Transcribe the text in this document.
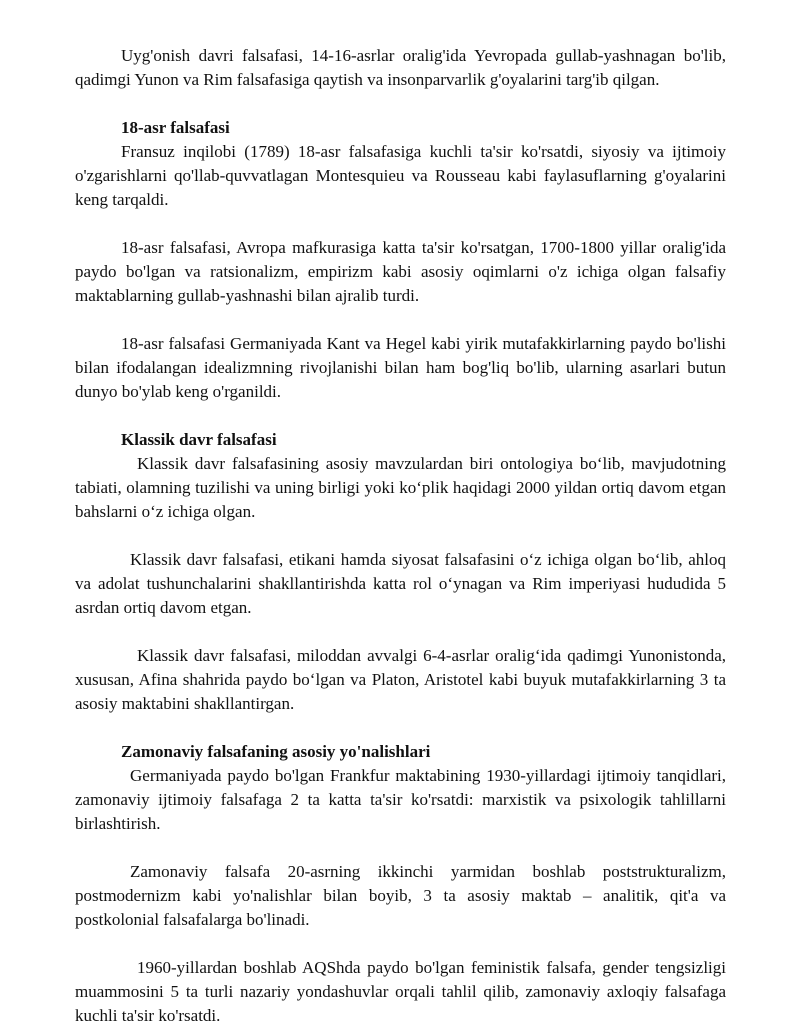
Uyg'onish davri falsafasi, 14-16-asrlar oralig'ida Yevropada gullab-yashnagan bo'lib, qadimgi Yunon va Rim falsafasiga qaytish va insonparvarlik g'oyalarini targ'ib qilgan.

18-asr falsafasi

Fransuz inqilobi (1789) 18-asr falsafasiga kuchli ta'sir ko'rsatdi, siyosiy va ijtimoiy o'zgarishlarni qo'llab-quvvatlagan Montesquieu va Rousseau kabi faylasuflarning g'oyalarini keng tarqaldi.

18-asr falsafasi, Avropa mafkurasiga katta ta'sir ko'rsatgan, 1700-1800 yillar oralig'ida paydo bo'lgan va ratsionalizm, empirizm kabi asosiy oqimlarni o'z ichiga olgan falsafiy maktablarning gullab-yashnashi bilan ajralib turdi.

18-asr falsafasi Germaniyada Kant va Hegel kabi yirik mutafakkirlarning paydo bo'lishi bilan ifodalangan idealizmning rivojlanishi bilan ham bog'liq bo'lib, ularning asarlari butun dunyo bo'ylab keng o'rganildi.

Klassik davr falsafasi

Klassik davr falsafasining asosiy mavzulardan biri ontologiya bo‘lib, mavjudotning tabiati, olamning tuzilishi va uning birligi yoki ko‘plik haqidagi 2000 yildan ortiq davom etgan bahslarni o‘z ichiga olgan.

Klassik davr falsafasi, etikani hamda siyosat falsafasini o‘z ichiga olgan bo‘lib, ahloq va adolat tushunchalarini shakllantirishda katta rol o‘ynagan va Rim imperiyasi hududida 5 asrdan ortiq davom etgan.

Klassik davr falsafasi, miloddan avvalgi 6-4-asrlar oralig‘ida qadimgi Yunonistonda, xususan, Afina shahrida paydo bo‘lgan va Platon, Aristotel kabi buyuk mutafakkirlarning 3 ta asosiy maktabini shakllantirgan.

Zamonaviy falsafaning asosiy yo'nalishlari

Germaniyada paydo bo'lgan Frankfur maktabining 1930-yillardagi ijtimoiy tanqidlari, zamonaviy ijtimoiy falsafaga 2 ta katta ta'sir ko'rsatdi: marxistik va psixologik tahlillarni birlashtirish.

Zamonaviy falsafa 20-asrning ikkinchi yarmidan boshlab poststrukturalizm, postmodernizm kabi yo'nalishlar bilan boyib, 3 ta asosiy maktab – analitik, qit'a va postkolonial falsafalarga bo'linadi.

1960-yillardan boshlab AQShda paydo bo'lgan feministik falsafa, gender tengsizligi muammosini 5 ta turli nazariy yondashuvlar orqali tahlil qilib, zamonaviy axloqiy falsafaga kuchli ta'sir ko'rsatdi.
